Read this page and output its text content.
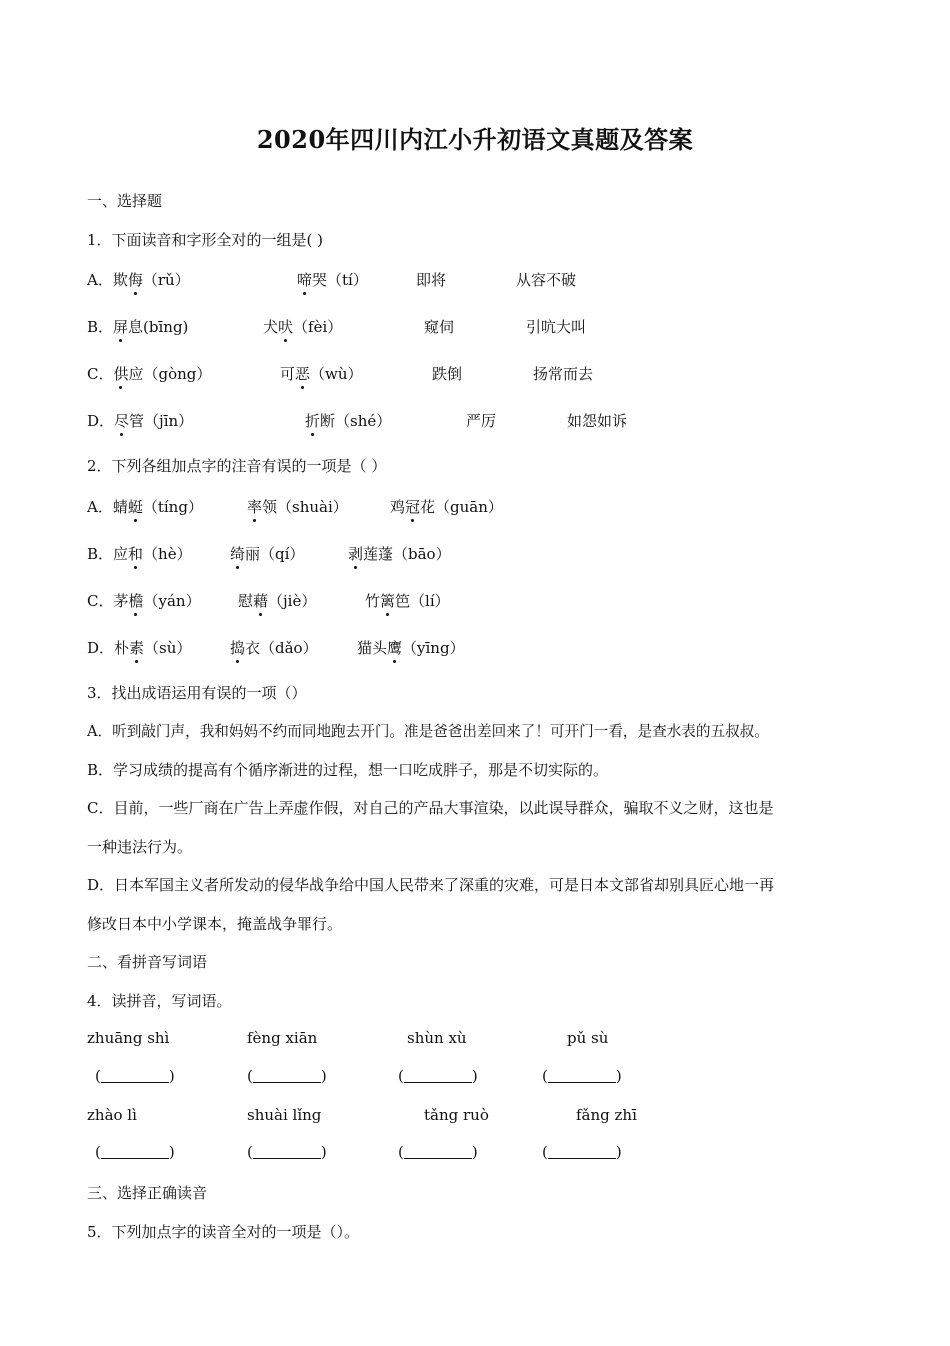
2020年四川内江小升初语文真题及答案
一、选择题
1．下面读音和字形全对的一组是( )
A．欺侮（rǔ）	啼哭（tí）	即将	从容不破
B．屏息(bīng)	犬吠（fèi）	窥伺	引吭大叫
C．供应（gòng）	可恶（wù）	跌倒	扬常而去
D．尽管（jīn）	折断（shé）	严厉	如怨如诉
2．下列各组加点字的注音有误的一项是（ ）
A．蜻蜓（tíng）	率领（shuài）	鸡冠花（guān）
B．应和（hè）	绮丽（qí）	剥莲蓬（bāo）
C．茅檐（yán） 慰藉（jiè）	竹篱笆（lí）
D．朴素（sù）	捣衣（dǎo）	猫头鹰（yīng）
3．找出成语运用有误的一项（）
A．听到敲门声，我和妈妈不约而同地跑去开门。准是爸爸出差回来了！可开门一看，是查水表的五叔叔。
B．学习成绩的提高有个循序渐进的过程，想一口吃成胖子，那是不切实际的。
C．目前，一些厂商在广告上弄虚作假，对自己的产品大事渲染，以此误导群众，骗取不义之财，这也是
一种违法行为。
D．日本军国主义者所发动的侵华战争给中国人民带来了深重的灾难，可是日本文部省却别具匠心地一再
修改日本中小学课本，掩盖战争罪行。
二、看拼音写词语
4．读拼音，写词语。
zhuāng shì	fèng xiān	shùn xù	pǔ sù
(	)	(	)	(	)	(	)
zhào lì	shuài lǐng	tǎng ruò	fǎng zhī
(	)	(	)	(	)	(	)
三、选择正确读音
5．下列加点字的读音全对的一项是（）。
